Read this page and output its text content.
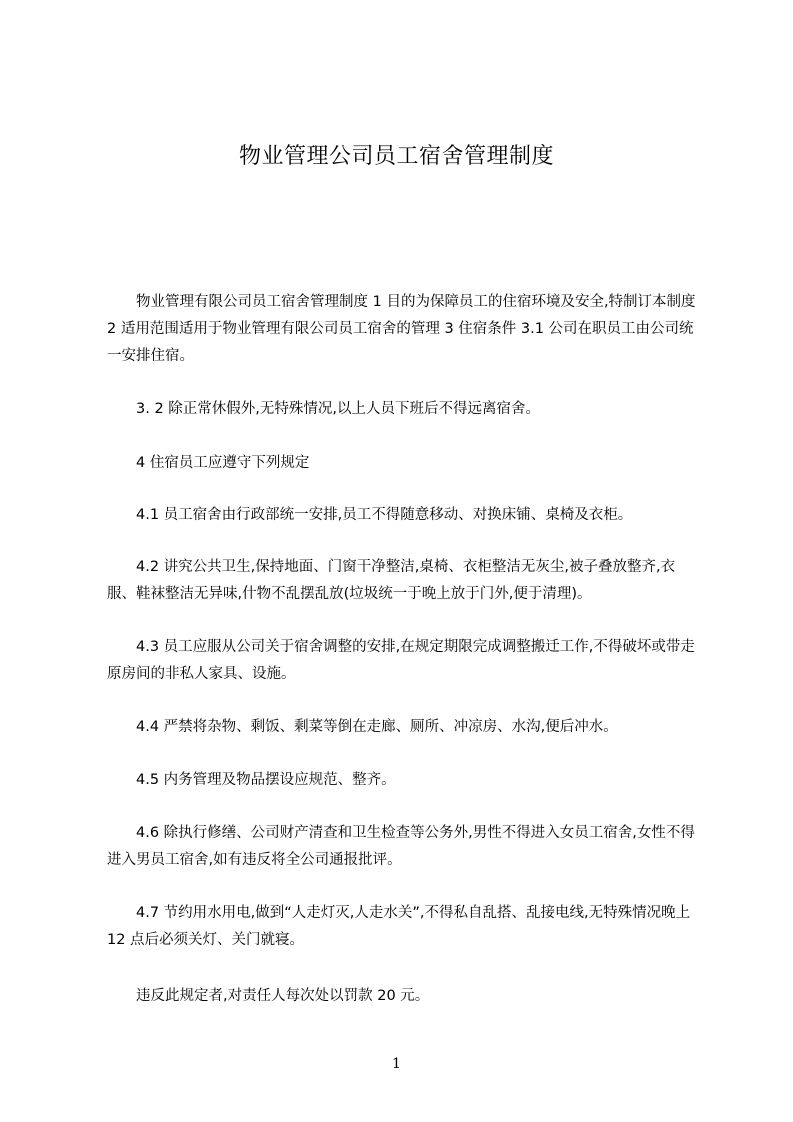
物业管理公司员工宿舍管理制度

物业管理有限公司员工宿舍管理制度 1 目的为保障员工的住宿环境及安全,特制订本制度 2 适用范围适用于物业管理有限公司员工宿舍的管理 3 住宿条件 3.1 公司在职员工由公司统一安排住宿。

3. 2 除正常休假外,无特殊情况,以上人员下班后不得远离宿舍。

4 住宿员工应遵守下列规定

4.1 员工宿舍由行政部统一安排,员工不得随意移动、对换床铺、桌椅及衣柜。

4.2 讲究公共卫生,保持地面、门窗干净整洁,桌椅、衣柜整洁无灰尘,被子叠放整齐,衣服、鞋袜整洁无异味,什物不乱摆乱放(垃圾统一于晚上放于门外,便于清理)。

4.3 员工应服从公司关于宿舍调整的安排,在规定期限完成调整搬迁工作,不得破坏或带走原房间的非私人家具、设施。

4.4 严禁将杂物、剩饭、剩菜等倒在走廊、厕所、冲凉房、水沟,便后冲水。

4.5 内务管理及物品摆设应规范、整齐。

4.6 除执行修缮、公司财产清查和卫生检查等公务外,男性不得进入女员工宿舍,女性不得进入男员工宿舍,如有违反将全公司通报批评。

4.7 节约用水用电,做到“人走灯灭,人走水关”,不得私自乱搭、乱接电线,无特殊情况晚上 12 点后必须关灯、关门就寝。

违反此规定者,对责任人每次处以罚款 20 元。

1
